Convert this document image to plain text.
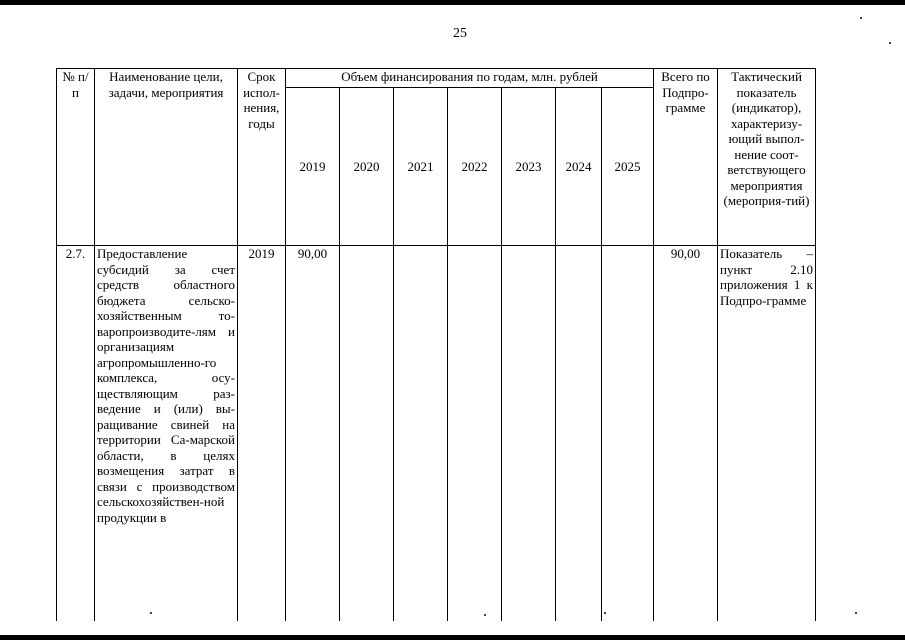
25
№ п/п	Наименование цели, задачи, мероприятия	Срок испол-нения, годы	Объем финансирования по годам, млн. рублей							Всего по Подпро-грамме	Тактический показатель (индикатор), характеризу-ющий выпол-нение соот-ветствующего мероприятия (мероприя-тий)
			2019	2020	2021	2022	2023	2024	2025		
2.7.	Предоставление субсидий за счет средств областного бюджета сельско-хозяйственным то-варопроизводите-лям и организациям агропромышленно-го комплекса, осу-ществляющим раз-ведение и (или) вы-ращивание свиней на территории Са-марской области, в целях возмещения затрат в связи с производством сельскохозяйствен-ной продукции в	2019	90,00							90,00	Показатель – пункт 2.10 приложения 1 к Подпро-грамме
